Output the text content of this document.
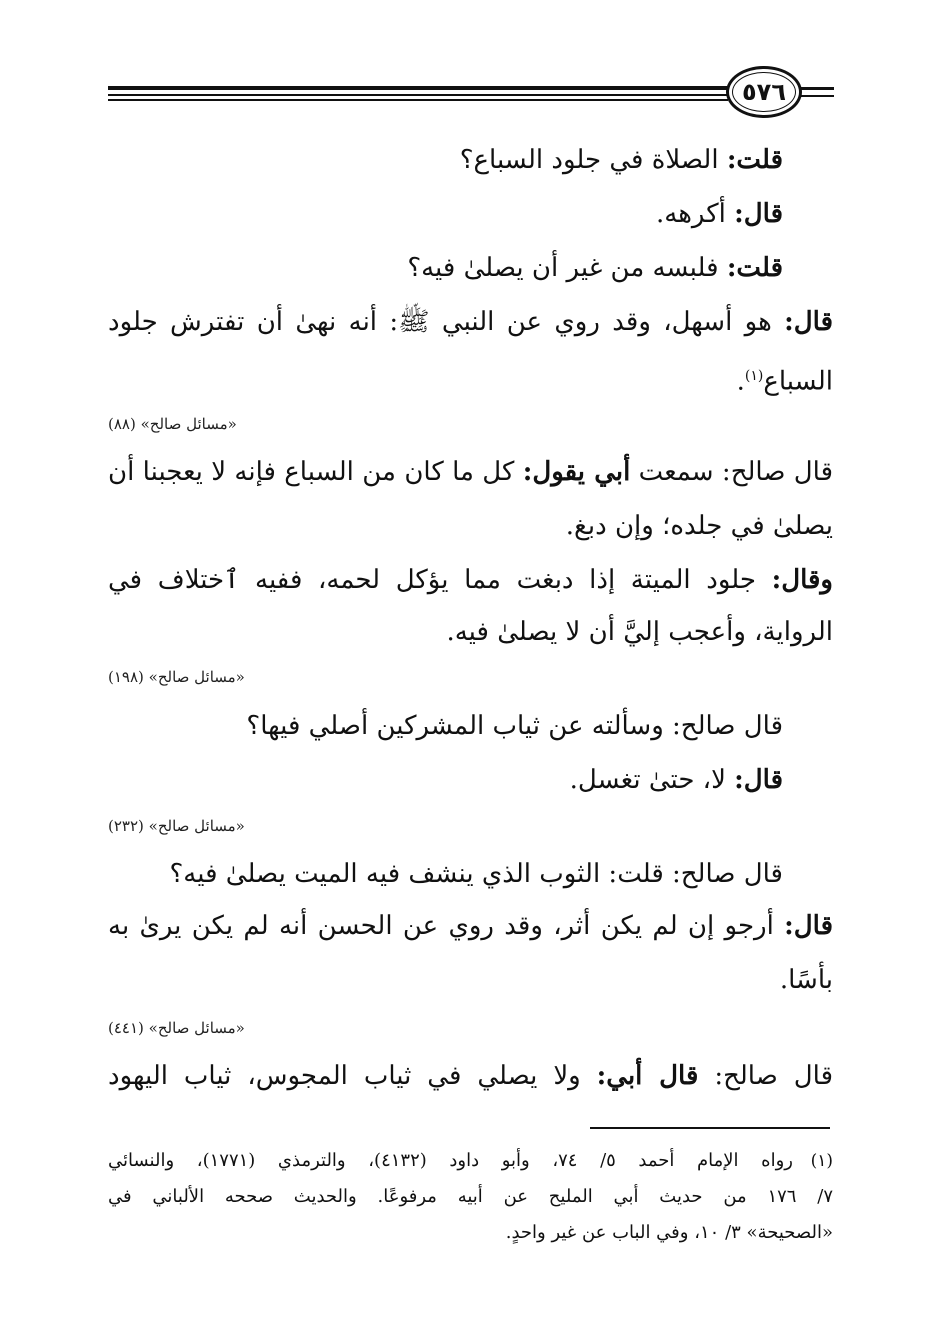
٥٧٦
قلت: الصلاة في جلود السباع؟
قال: أكرهه.
قلت: فلبسه من غير أن يصلىٰ فيه؟
قال: هو أسهل، وقد روي عن النبي ﷺ: أنه نهىٰ أن تفترش جلود
السباع$^{(١)}$.
«مسائل صالح» (٨٨)
قال صالح: سمعت أبي يقول: كل ما كان من السباع فإنه لا يعجبنا أن
يصلىٰ في جلده؛ وإن دبغ.
وقال: جلود الميتة إذا دبغت مما يؤكل لحمه، ففيه ٱختلاف في
الرواية، وأعجب إليَّ أن لا يصلىٰ فيه.
«مسائل صالح» (١٩٨)
قال صالح: وسألته عن ثياب المشركين أصلي فيها؟
قال: لا، حتىٰ تغسل.
«مسائل صالح» (٢٣٢)
قال صالح: قلت: الثوب الذي ينشف فيه الميت يصلىٰ فيه؟
قال: أرجو إن لم يكن أثر، وقد روي عن الحسن أنه لم يكن يرىٰ به
بأسًا.
«مسائل صالح» (٤٤١)
قال صالح: قال أبي: ولا يصلي في ثياب المجوس، ثياب اليهود
(١)
رواه الإمام أحمد ٥/ ٧٤، وأبو داود (٤١٣٢)، والترمذي (١٧٧١)، والنسائي
٧/ ١٧٦ من حديث أبي المليح عن أبيه مرفوعًا. والحديث صححه الألباني في
«الصحيحة» ٣/ ١٠، وفي الباب عن غير واحدٍ.
